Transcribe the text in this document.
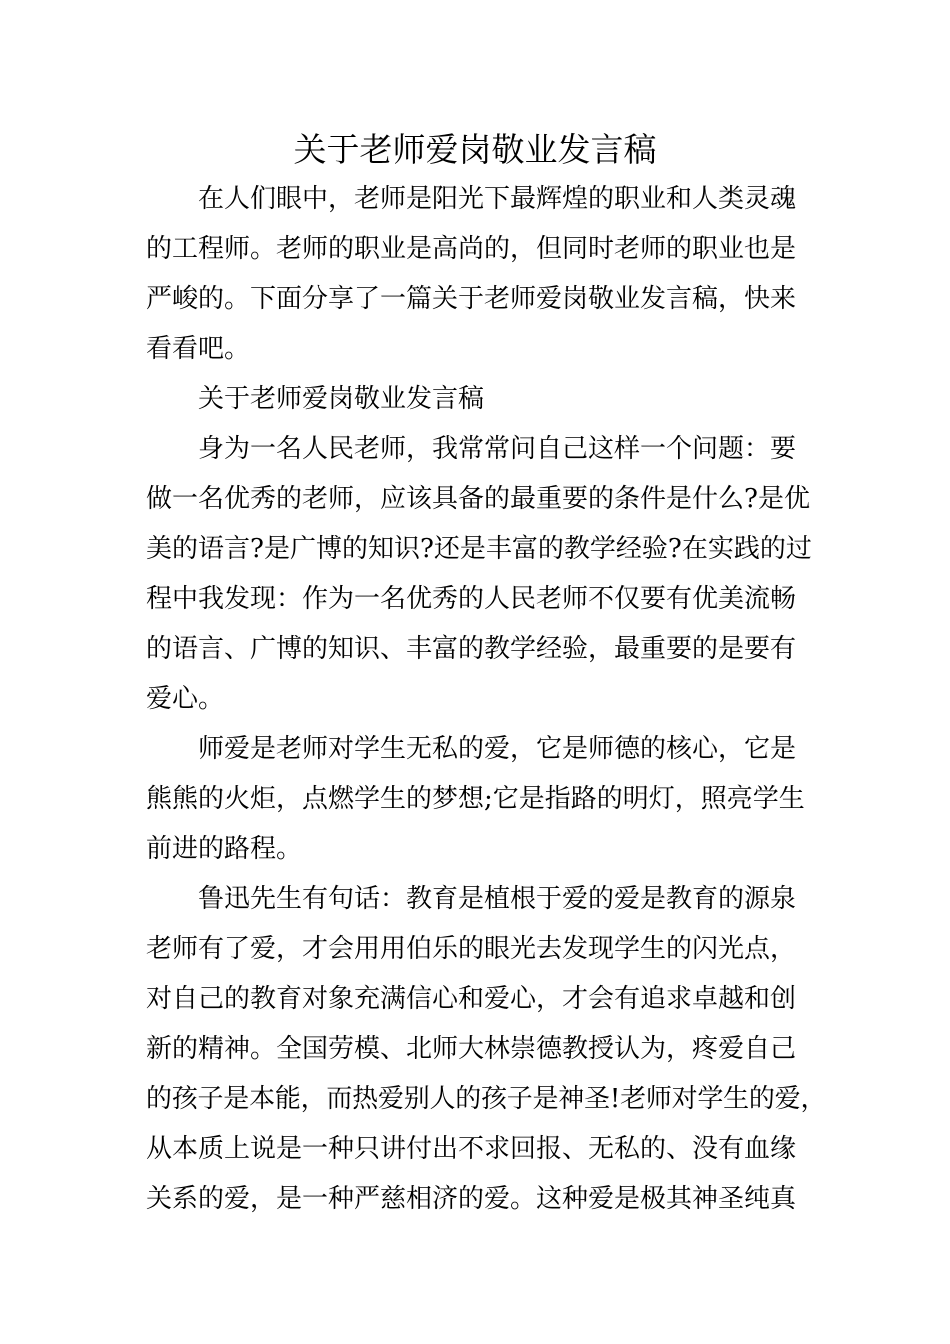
关于老师爱岗敬业发言稿

在人们眼中，老师是阳光下最辉煌的职业和人类灵魂

的工程师。老师的职业是高尚的，但同时老师的职业也是

严峻的。下面分享了一篇关于老师爱岗敬业发言稿，快来

看看吧。

关于老师爱岗敬业发言稿

身为一名人民老师，我常常问自己这样一个问题：要

做一名优秀的老师，应该具备的最重要的条件是什么?是优

美的语言?是广博的知识?还是丰富的教学经验?在实践的过

程中我发现：作为一名优秀的人民老师不仅要有优美流畅

的语言、广博的知识、丰富的教学经验，最重要的是要有

爱心。

师爱是老师对学生无私的爱，它是师德的核心，它是

熊熊的火炬，点燃学生的梦想;它是指路的明灯，照亮学生

前进的路程。

鲁迅先生有句话：教育是植根于爱的爱是教育的源泉

老师有了爱，才会用用伯乐的眼光去发现学生的闪光点，

对自己的教育对象充满信心和爱心，才会有追求卓越和创

新的精神。全国劳模、北师大林崇德教授认为，疼爱自己

的孩子是本能，而热爱别人的孩子是神圣!老师对学生的爱，

从本质上说是一种只讲付出不求回报、无私的、没有血缘

关系的爱，是一种严慈相济的爱。这种爱是极其神圣纯真
